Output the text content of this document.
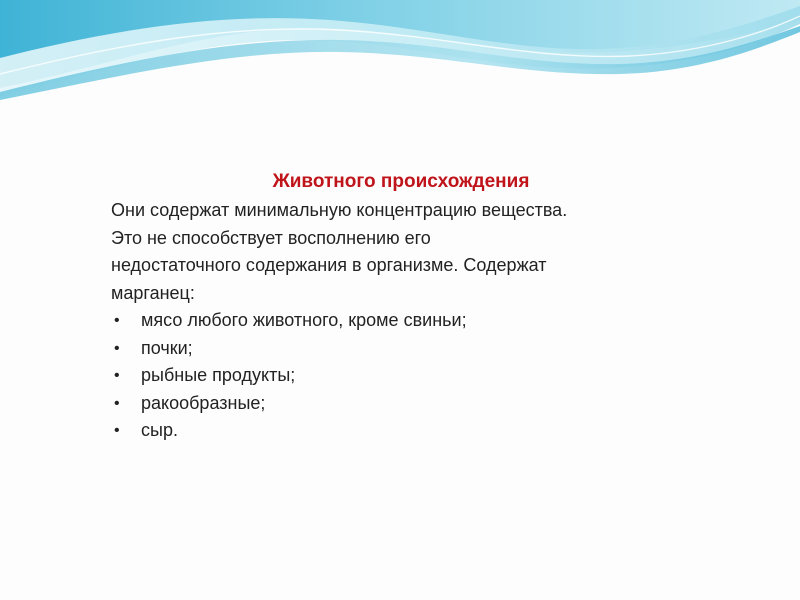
Животного происхождения
Они содержат минимальную концентрацию вещества.
Это не способствует восполнению его
недостаточного содержания в организме. Содержат
марганец:
• мясо любого животного, кроме свиньи;
• почки;
• рыбные продукты;
• ракообразные;
• сыр.
